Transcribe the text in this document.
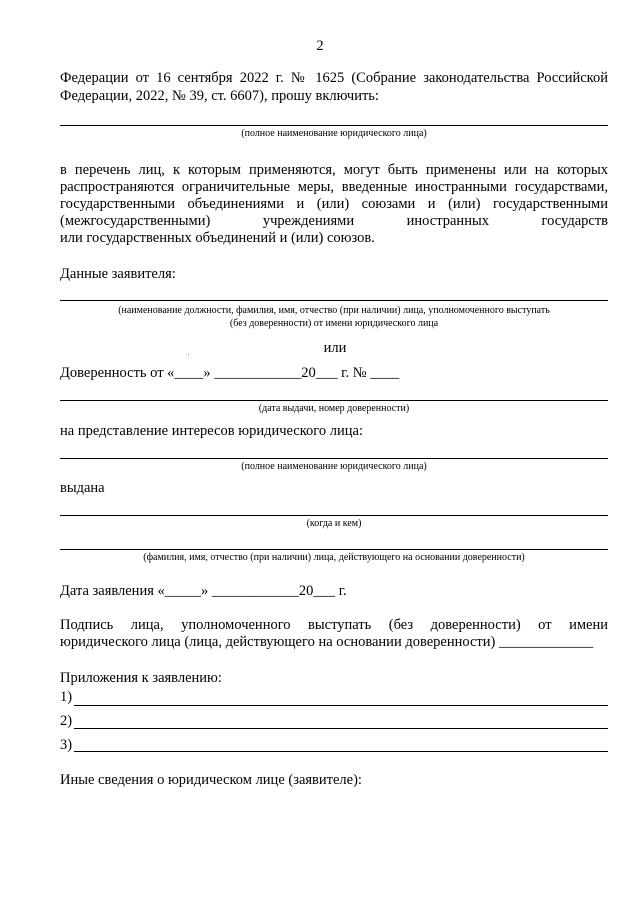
2
Федерации от 16 сентября 2022 г. № 1625 (Собрание законодательства Российской
Федерации, 2022, № 39, ст. 6607), прошу включить:
(полное наименование юридического лица)
в перечень лиц, к которым применяются, могут быть применены или на которых
распространяются ограничительные меры, введенные иностранными государствами,
государственными объединениями и (или) союзами и (или) государственными
(межгосударственными) учреждениями иностранных государств
или государственных объединений и (или) союзов.
Данные заявителя:
(наименование должности, фамилия, имя, отчество (при наличии) лица, уполномоченного выступать
(без доверенности) от имени юридического лица
или
Доверенность от «____» ____________20___ г. № ____
(дата выдачи, номер доверенности)
на представление интересов юридического лица:
(полное наименование юридического лица)
выдана
(когда и кем)
(фамилия, имя, отчество (при наличии) лица, действующего на основании доверенности)
Дата заявления «_____» ____________20___ г.
Подпись лица, уполномоченного выступать (без доверенности) от имени
юридического лица (лица, действующего на основании доверенности) _____________
Приложения к заявлению:
1)
2)
3)
Иные сведения о юридическом лице (заявителе):
